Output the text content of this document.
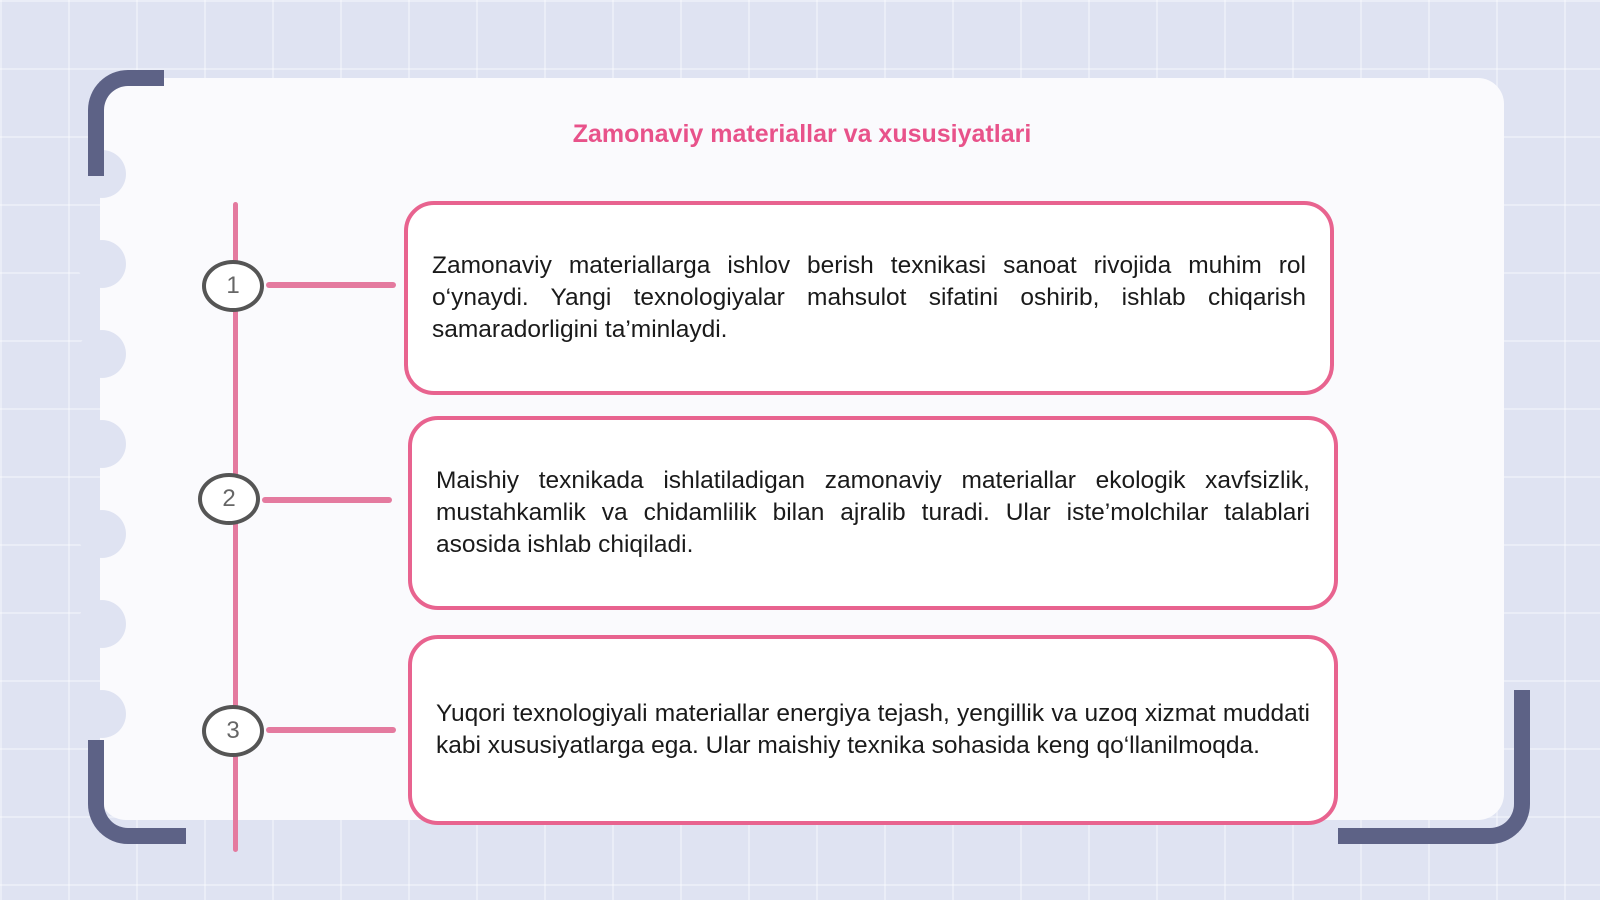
Zamonaviy materiallar va xususiyatlari
1
2
3

Zamonaviy materiallarga ishlov berish texnikasi sanoat rivojida muhim rol o‘ynaydi. Yangi texnologiyalar mahsulot sifatini oshirib, ishlab chiqarish samaradorligini ta’minlaydi.

Maishiy texnikada ishlatiladigan zamonaviy materiallar ekologik xavfsizlik, mustahkamlik va chidamlilik bilan ajralib turadi. Ular iste’molchilar talablari asosida ishlab chiqiladi.

Yuqori texnologiyali materiallar energiya tejash, yengillik va uzoq xizmat muddati kabi xususiyatlarga ega. Ular maishiy texnika sohasida keng qo‘llanilmoqda.
